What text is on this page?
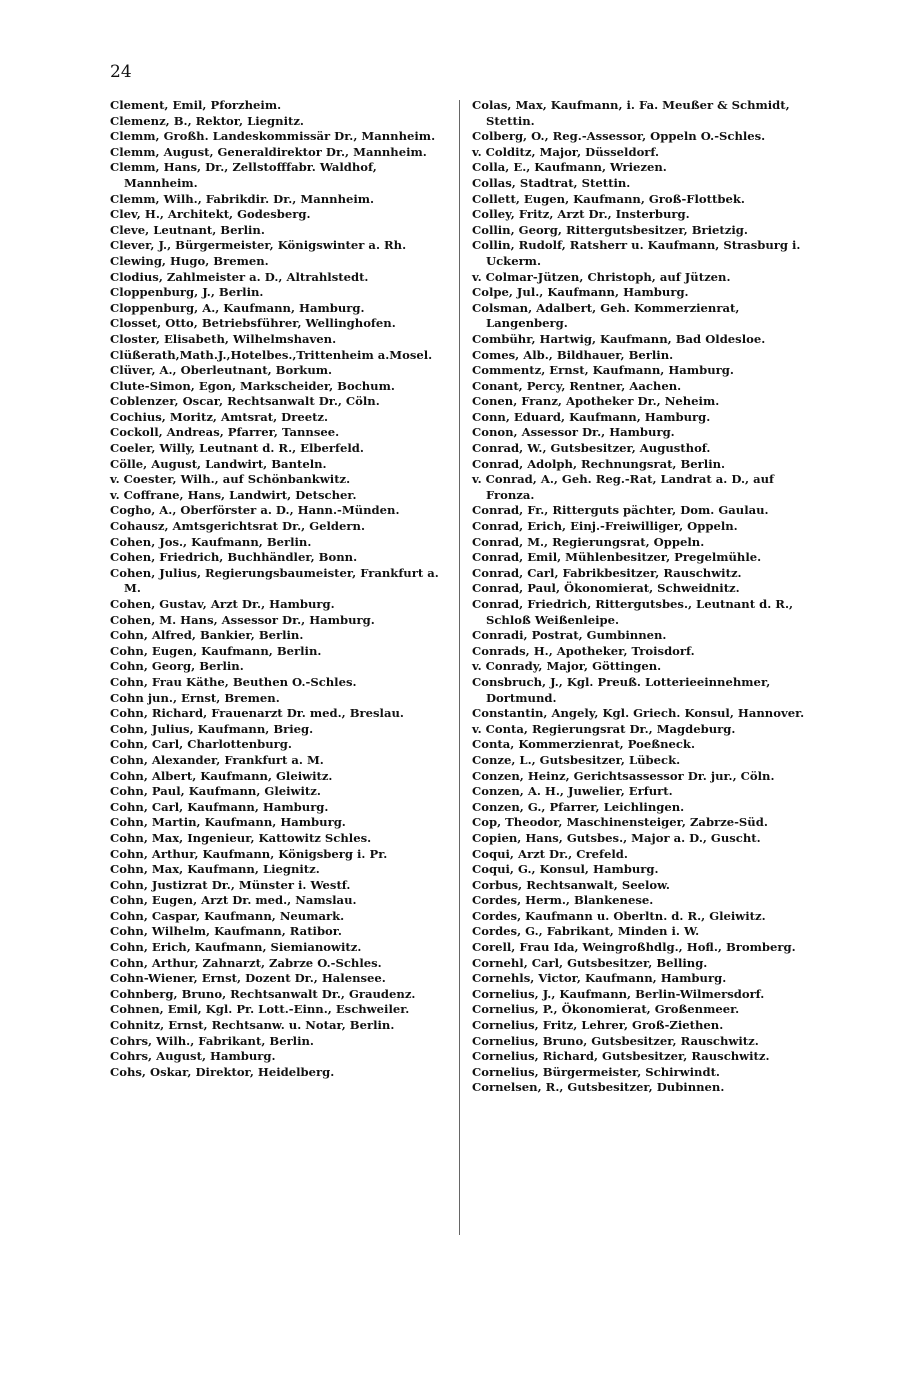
24
Clement, Emil, Pforzheim.
Clemenz, B., Rektor, Liegnitz.
Clemm, Großh. Landeskommissär Dr., Mannheim.
Clemm, August, Generaldirektor Dr., Mannheim.
Clemm, Hans, Dr., Zellstofffabr. Waldhof, Mannheim.
Clemm, Wilh., Fabrikdir. Dr., Mannheim.
Clev, H., Architekt, Godesberg.
Cleve, Leutnant, Berlin.
Clever, J., Bürgermeister, Königswinter a. Rh.
Clewing, Hugo, Bremen.
Clodius, Zahlmeister a. D., Altrahlstedt.
Cloppenburg, J., Berlin.
Cloppenburg, A., Kaufmann, Hamburg.
Closset, Otto, Betriebsführer, Wellinghofen.
Closter, Elisabeth, Wilhelmshaven.
Clüßerath,Math.J.,Hotelbes.,Trittenheim a.Mosel.
Clüver, A., Oberleutnant, Borkum.
Clute-Simon, Egon, Markscheider, Bochum.
Coblenzer, Oscar, Rechtsanwalt Dr., Cöln.
Cochius, Moritz, Amtsrat, Dreetz.
Cockoll, Andreas, Pfarrer, Tannsee.
Coeler, Willy, Leutnant d. R., Elberfeld.
Cölle, August, Landwirt, Banteln.
v. Coester, Wilh., auf Schönbankwitz.
v. Coffrane, Hans, Landwirt, Detscher.
Cogho, A., Oberförster a. D., Hann.-Münden.
Cohausz, Amtsgerichtsrat Dr., Geldern.
Cohen, Jos., Kaufmann, Berlin.
Cohen, Friedrich, Buchhändler, Bonn.
Cohen, Julius, Regierungsbaumeister, Frankfurt a. M.
Cohen, Gustav, Arzt Dr., Hamburg.
Cohen, M. Hans, Assessor Dr., Hamburg.
Cohn, Alfred, Bankier, Berlin.
Cohn, Eugen, Kaufmann, Berlin.
Cohn, Georg, Berlin.
Cohn, Frau Käthe, Beuthen O.-Schles.
Cohn jun., Ernst, Bremen.
Cohn, Richard, Frauenarzt Dr. med., Breslau.
Cohn, Julius, Kaufmann, Brieg.
Cohn, Carl, Charlottenburg.
Cohn, Alexander, Frankfurt a. M.
Cohn, Albert, Kaufmann, Gleiwitz.
Cohn, Paul, Kaufmann, Gleiwitz.
Cohn, Carl, Kaufmann, Hamburg.
Cohn, Martin, Kaufmann, Hamburg.
Cohn, Max, Ingenieur, Kattowitz Schles.
Cohn, Arthur, Kaufmann, Königsberg i. Pr.
Cohn, Max, Kaufmann, Liegnitz.
Cohn, Justizrat Dr., Münster i. Westf.
Cohn, Eugen, Arzt Dr. med., Namslau.
Cohn, Caspar, Kaufmann, Neumark.
Cohn, Wilhelm, Kaufmann, Ratibor.
Cohn, Erich, Kaufmann, Siemianowitz.
Cohn, Arthur, Zahnarzt, Zabrze O.-Schles.
Cohn-Wiener, Ernst, Dozent Dr., Halensee.
Cohnberg, Bruno, Rechtsanwalt Dr., Graudenz.
Cohnen, Emil, Kgl. Pr. Lott.-Einn., Eschweiler.
Cohnitz, Ernst, Rechtsanw. u. Notar, Berlin.
Cohrs, Wilh., Fabrikant, Berlin.
Cohrs, August, Hamburg.
Cohs, Oskar, Direktor, Heidelberg.
Colas, Max, Kaufmann, i. Fa. Meußer & Schmidt, Stettin.
Colberg, O., Reg.-Assessor, Oppeln O.-Schles.
v. Colditz, Major, Düsseldorf.
Colla, E., Kaufmann, Wriezen.
Collas, Stadtrat, Stettin.
Collett, Eugen, Kaufmann, Groß-Flottbek.
Colley, Fritz, Arzt Dr., Insterburg.
Collin, Georg, Rittergutsbesitzer, Brietzig.
Collin, Rudolf, Ratsherr u. Kaufmann, Strasburg i. Uckerm.
v. Colmar-Jützen, Christoph, auf Jützen.
Colpe, Jul., Kaufmann, Hamburg.
Colsman, Adalbert, Geh. Kommerzienrat, Langenberg.
Combühr, Hartwig, Kaufmann, Bad Oldesloe.
Comes, Alb., Bildhauer, Berlin.
Commentz, Ernst, Kaufmann, Hamburg.
Conant, Percy, Rentner, Aachen.
Conen, Franz, Apotheker Dr., Neheim.
Conn, Eduard, Kaufmann, Hamburg.
Conon, Assessor Dr., Hamburg.
Conrad, W., Gutsbesitzer, Augusthof.
Conrad, Adolph, Rechnungsrat, Berlin.
v. Conrad, A., Geh. Reg.-Rat, Landrat a. D., auf Fronza.
Conrad, Fr., Ritterguts pächter, Dom. Gaulau.
Conrad, Erich, Einj.-Freiwilliger, Oppeln.
Conrad, M., Regierungsrat, Oppeln.
Conrad, Emil, Mühlenbesitzer, Pregelmühle.
Conrad, Carl, Fabrikbesitzer, Rauschwitz.
Conrad, Paul, Ökonomierat, Schweidnitz.
Conrad, Friedrich, Rittergutsbes., Leutnant d. R., Schloß Weißenleipe.
Conradi, Postrat, Gumbinnen.
Conrads, H., Apotheker, Troisdorf.
v. Conrady, Major, Göttingen.
Consbruch, J., Kgl. Preuß. Lotterieeinnehmer, Dortmund.
Constantin, Angely, Kgl. Griech. Konsul, Hannover.
v. Conta, Regierungsrat Dr., Magdeburg.
Conta, Kommerzienrat, Poeßneck.
Conze, L., Gutsbesitzer, Lübeck.
Conzen, Heinz, Gerichtsassessor Dr. jur., Cöln.
Conzen, A. H., Juwelier, Erfurt.
Conzen, G., Pfarrer, Leichlingen.
Cop, Theodor, Maschinensteiger, Zabrze-Süd.
Copien, Hans, Gutsbes., Major a. D., Guscht.
Coqui, Arzt Dr., Crefeld.
Coqui, G., Konsul, Hamburg.
Corbus, Rechtsanwalt, Seelow.
Cordes, Herm., Blankenese.
Cordes, Kaufmann u. Oberltn. d. R., Gleiwitz.
Cordes, G., Fabrikant, Minden i. W.
Corell, Frau Ida, Weingroßhdlg., Hofl., Bromberg.
Cornehl, Carl, Gutsbesitzer, Belling.
Cornehls, Victor, Kaufmann, Hamburg.
Cornelius, J., Kaufmann, Berlin-Wilmersdorf.
Cornelius, P., Ökonomierat, Großenmeer.
Cornelius, Fritz, Lehrer, Groß-Ziethen.
Cornelius, Bruno, Gutsbesitzer, Rauschwitz.
Cornelius, Richard, Gutsbesitzer, Rauschwitz.
Cornelius, Bürgermeister, Schirwindt.
Cornelsen, R., Gutsbesitzer, Dubinnen.
